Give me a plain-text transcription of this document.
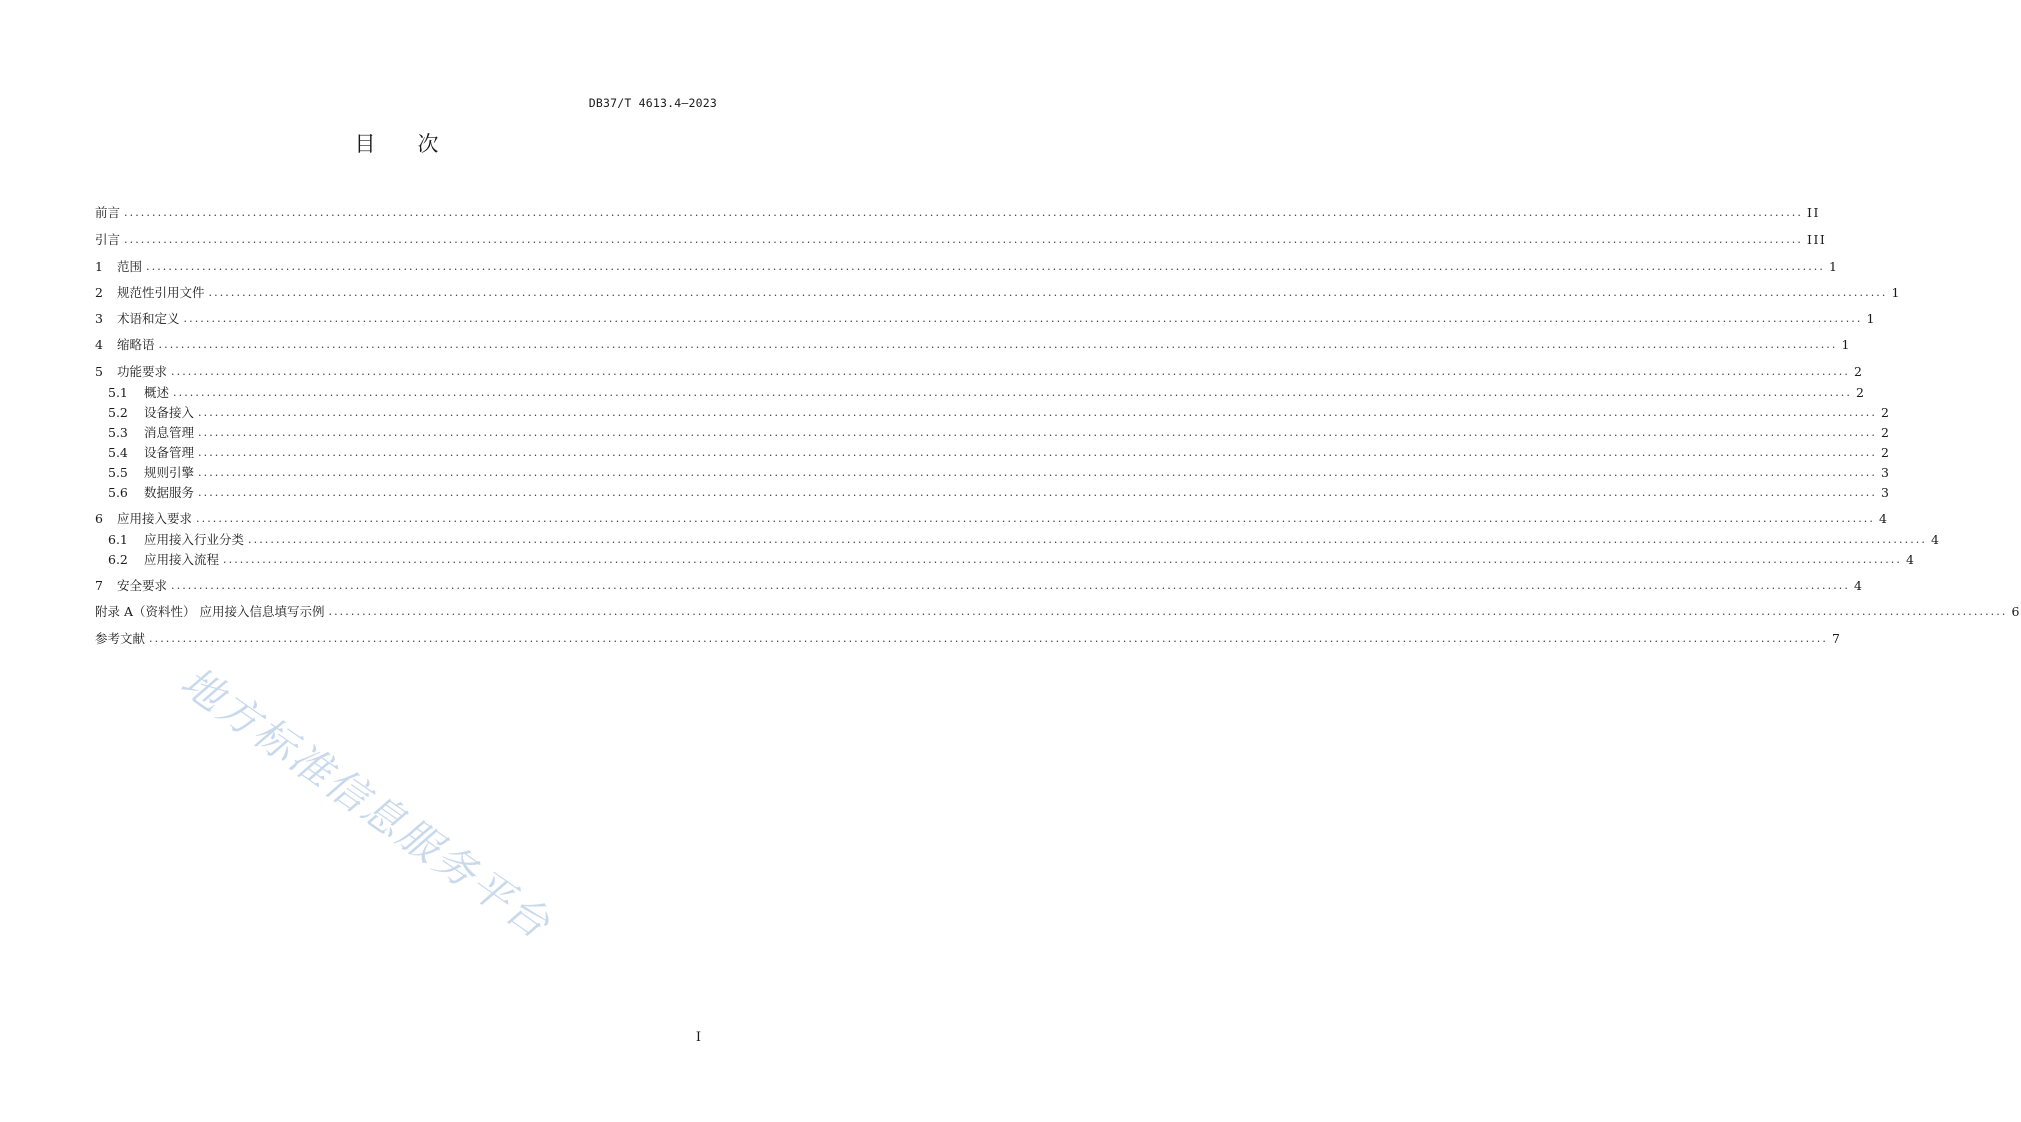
DB37/T 4613.4—2023
目 次
地方标准信息服务平台
前言 ............................................................................................................................................................................................................................................................................................................ II
引言 ............................................................................................................................................................................................................................................................................................................ III
1 范围 ............................................................................................................................................................................................................................................................................................................ 1
2 规范性引用文件 ............................................................................................................................................................................................................................................................................................................ 1
3 术语和定义 ............................................................................................................................................................................................................................................................................................................ 1
4 缩略语 ............................................................................................................................................................................................................................................................................................................ 1
5 功能要求 ............................................................................................................................................................................................................................................................................................................ 2
5.1 概述 ............................................................................................................................................................................................................................................................................................................ 2
5.2 设备接入 ............................................................................................................................................................................................................................................................................................................ 2
5.3 消息管理 ............................................................................................................................................................................................................................................................................................................ 2
5.4 设备管理 ............................................................................................................................................................................................................................................................................................................ 2
5.5 规则引擎 ............................................................................................................................................................................................................................................................................................................ 3
5.6 数据服务 ............................................................................................................................................................................................................................................................................................................ 3
6 应用接入要求 ............................................................................................................................................................................................................................................................................................................ 4
6.1 应用接入行业分类 ............................................................................................................................................................................................................................................................................................................ 4
6.2 应用接入流程 ............................................................................................................................................................................................................................................................................................................ 4
7 安全要求 ............................................................................................................................................................................................................................................................................................................ 4
附录 A（资料性） 应用接入信息填写示例 ............................................................................................................................................................................................................................................................................................................ 6
参考文献 ............................................................................................................................................................................................................................................................................................................ 7
I
